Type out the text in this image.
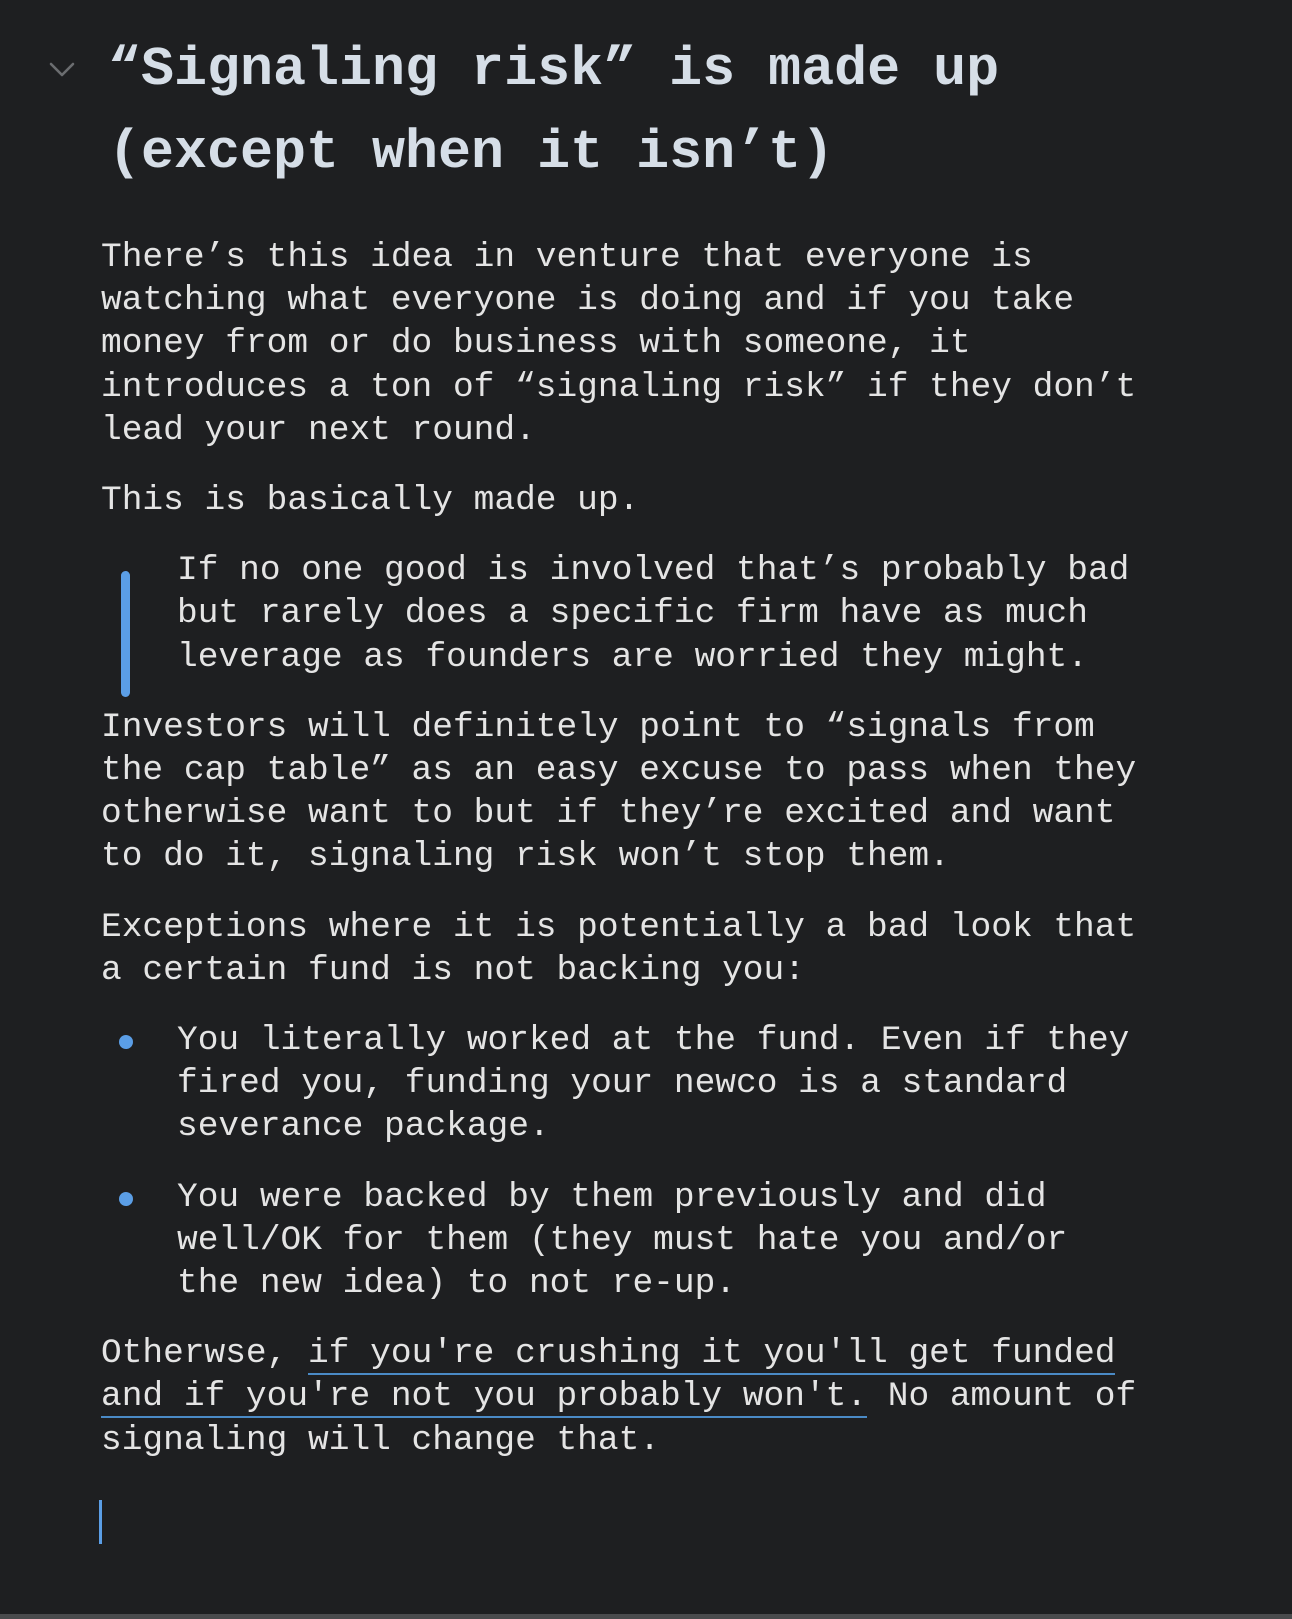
“Signaling risk” is made up
(except when it isn’t)

There’s this idea in venture that everyone is
watching what everyone is doing and if you take
money from or do business with someone, it
introduces a ton of “signaling risk” if they don’t
lead your next round.

This is basically made up.

If no one good is involved that’s probably bad
but rarely does a specific firm have as much
leverage as founders are worried they might.

Investors will definitely point to “signals from
the cap table” as an easy excuse to pass when they
otherwise want to but if they’re excited and want
to do it, signaling risk won’t stop them.

Exceptions where it is potentially a bad look that
a certain fund is not backing you:

You literally worked at the fund. Even if they
fired you, funding your newco is a standard
severance package.
You were backed by them previously and did
well/OK for them (they must hate you and/or
the new idea) to not re-up.

Otherwse, if you're crushing it you'll get funded
and if you're not you probably won't. No amount of
signaling will change that.
